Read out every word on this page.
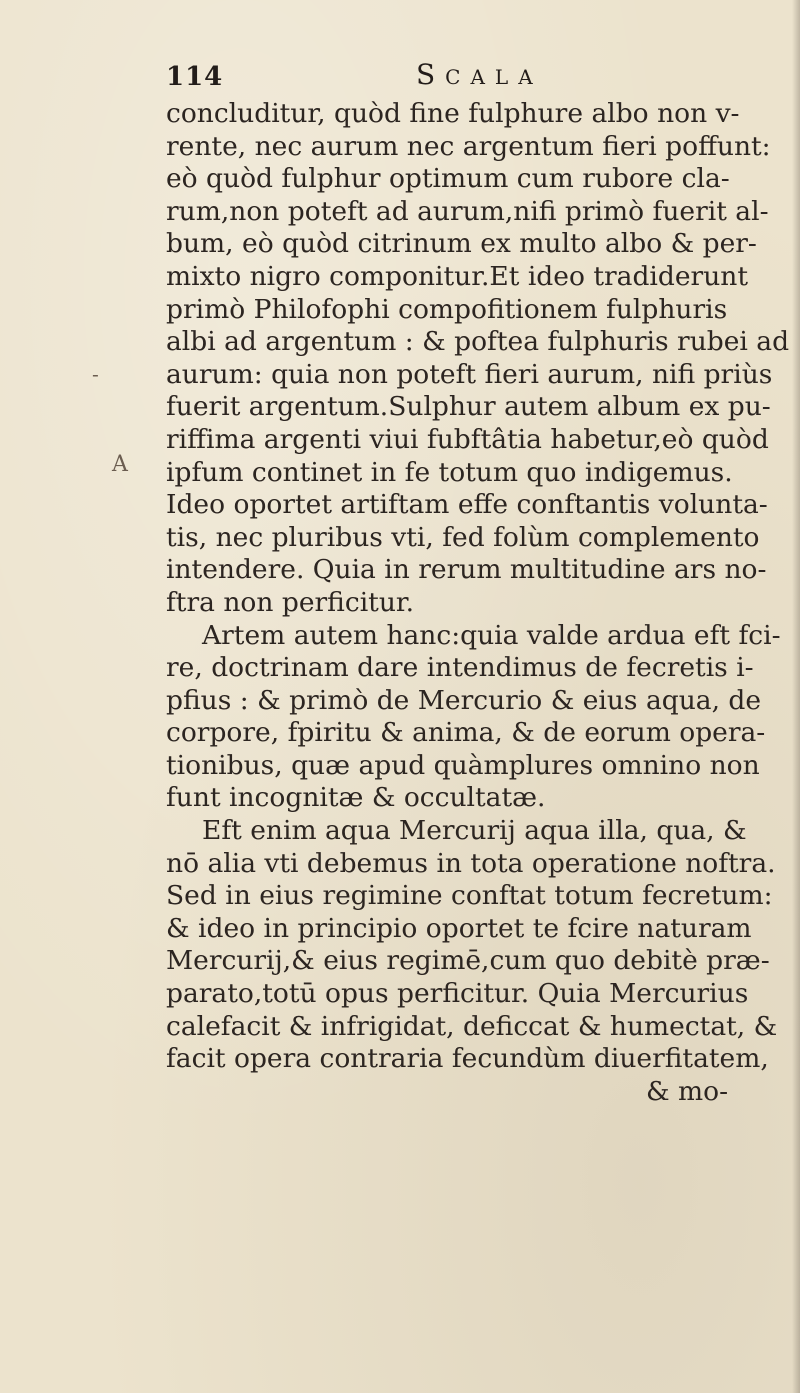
114	Scala
-
A
concluditur, quòd fine fulphure albo non v-
rente, nec aurum nec argentum fieri poffunt:
eò quòd fulphur optimum cum rubore cla-
rum,non poteft ad aurum,nifi primò fuerit al-
bum, eò quòd citrinum ex multo albo & per-
mixto nigro componitur.Et ideo tradiderunt
primò Philofophi compofitionem fulphuris
albi ad argentum : & poftea fulphuris rubei ad
aurum: quia non poteft fieri aurum, nifi priùs
fuerit argentum.Sulphur autem album ex pu-
riffima argenti viui fubftâtia habetur,eò quòd
ipfum continet in fe totum quo indigemus.
Ideo oportet artiftam effe conftantis volunta-
tis, nec pluribus vti, fed folùm complemento
intendere. Quia in rerum multitudine ars no-
ftra non perficitur.
Artem autem hanc:quia valde ardua eft fci-
re, doctrinam dare intendimus de fecretis i-
pfius : & primò de Mercurio & eius aqua, de
corpore, fpiritu & anima, & de eorum opera-
tionibus, quæ apud quàmplures omnino non
funt incognitæ & occultatæ.
Eft enim aqua Mercurij aqua illa, qua, &
nō alia vti debemus in tota operatione noftra.
Sed in eius regimine conftat totum fecretum:
& ideo in principio oportet te fcire naturam
Mercurij,& eius regimē,cum quo debitè præ-
parato,totū opus perficitur. Quia Mercurius
calefacit & infrigidat, deficcat & humectat, &
facit opera contraria fecundùm diuerfitatem,
& mo-
